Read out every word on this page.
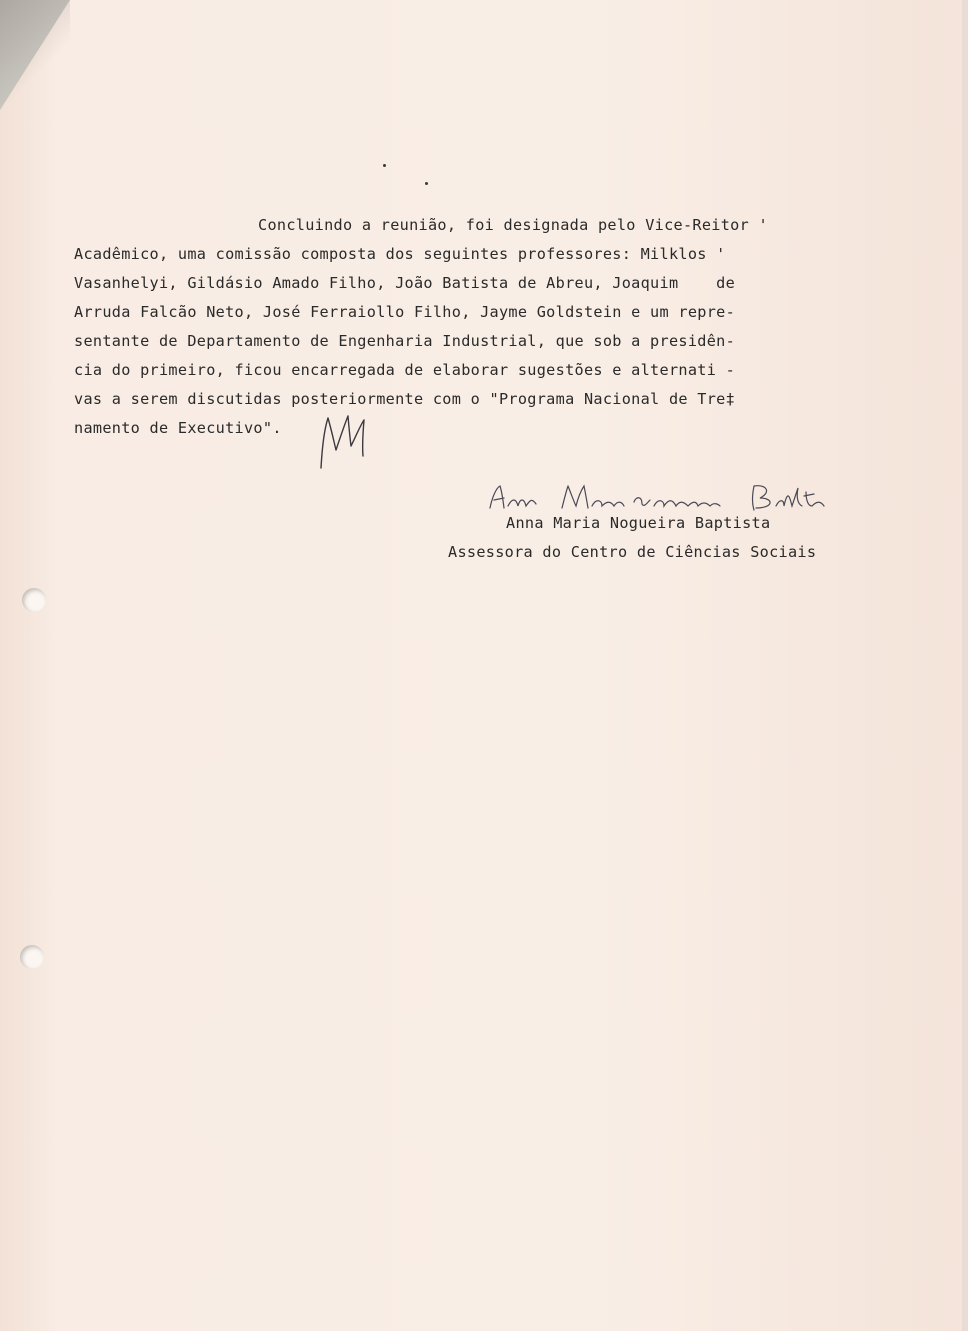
Concluindo a reunião, foi designada pelo Vice-Reitor '
Acadêmico, uma comissão composta dos seguintes professores: Milklos '
Vasanhelyi, Gildásio Amado Filho, João Batista de Abreu, Joaquim    de
Arruda Falcão Neto, José Ferraiollo Filho, Jayme Goldstein e um repre-
sentante de Departamento de Engenharia Industrial, que sob a presidên-
cia do primeiro, ficou encarregada de elaborar sugestões e alternati -
vas a serem discutidas posteriormente com o "Programa Nacional de Tre‡
namento de Executivo".
Anna Maria Nogueira Baptista
Assessora do Centro de Ciências Sociais
